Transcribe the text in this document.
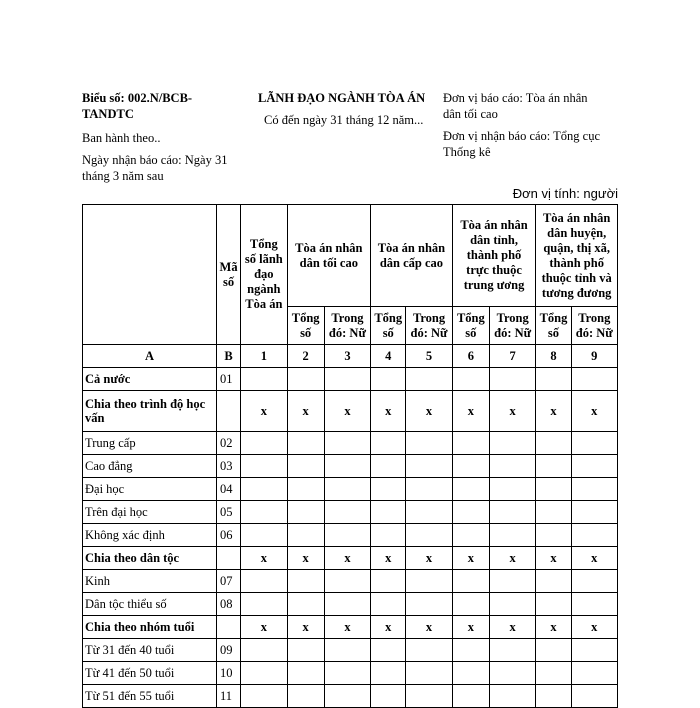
Biểu số: 002.N/BCB-
TANDTC
Ban hành theo..
Ngày nhận báo cáo: Ngày 31
tháng 3 năm sau
LÃNH ĐẠO NGÀNH TÒA ÁN
Có đến ngày 31 tháng 12 năm...
Đơn vị báo cáo: Tòa án nhân
dân tối cao
Đơn vị nhận báo cáo: Tổng cục
Thống kê
Đơn vị tính: người
	Mã số	Tổng số lãnh đạo ngành Tòa án	Tòa án nhân dân tối cao		Tòa án nhân dân cấp cao		Tòa án nhân dân tỉnh, thành phố trực thuộc trung ương		Tòa án nhân dân huyện, quận, thị xã, thành phố thuộc tỉnh và tương đương	
			Tổng số	Trong đó: Nữ	Tổng số	Trong đó: Nữ	Tổng số	Trong đó: Nữ	Tổng số	Trong đó: Nữ
A	B	1	2	3	4	5	6	7	8	9
Cả nước	01									
Chia theo trình độ học vấn		x	x	x	x	x	x	x	x	x
Trung cấp	02									
Cao đẳng	03									
Đại học	04									
Trên đại học	05									
Không xác định	06									
Chia theo dân tộc		x	x	x	x	x	x	x	x	x
Kinh	07									
Dân tộc thiểu số	08									
Chia theo nhóm tuổi		x	x	x	x	x	x	x	x	x
Từ 31 đến 40 tuổi	09									
Từ 41 đến 50 tuổi	10									
Từ 51 đến 55 tuổi	11									
